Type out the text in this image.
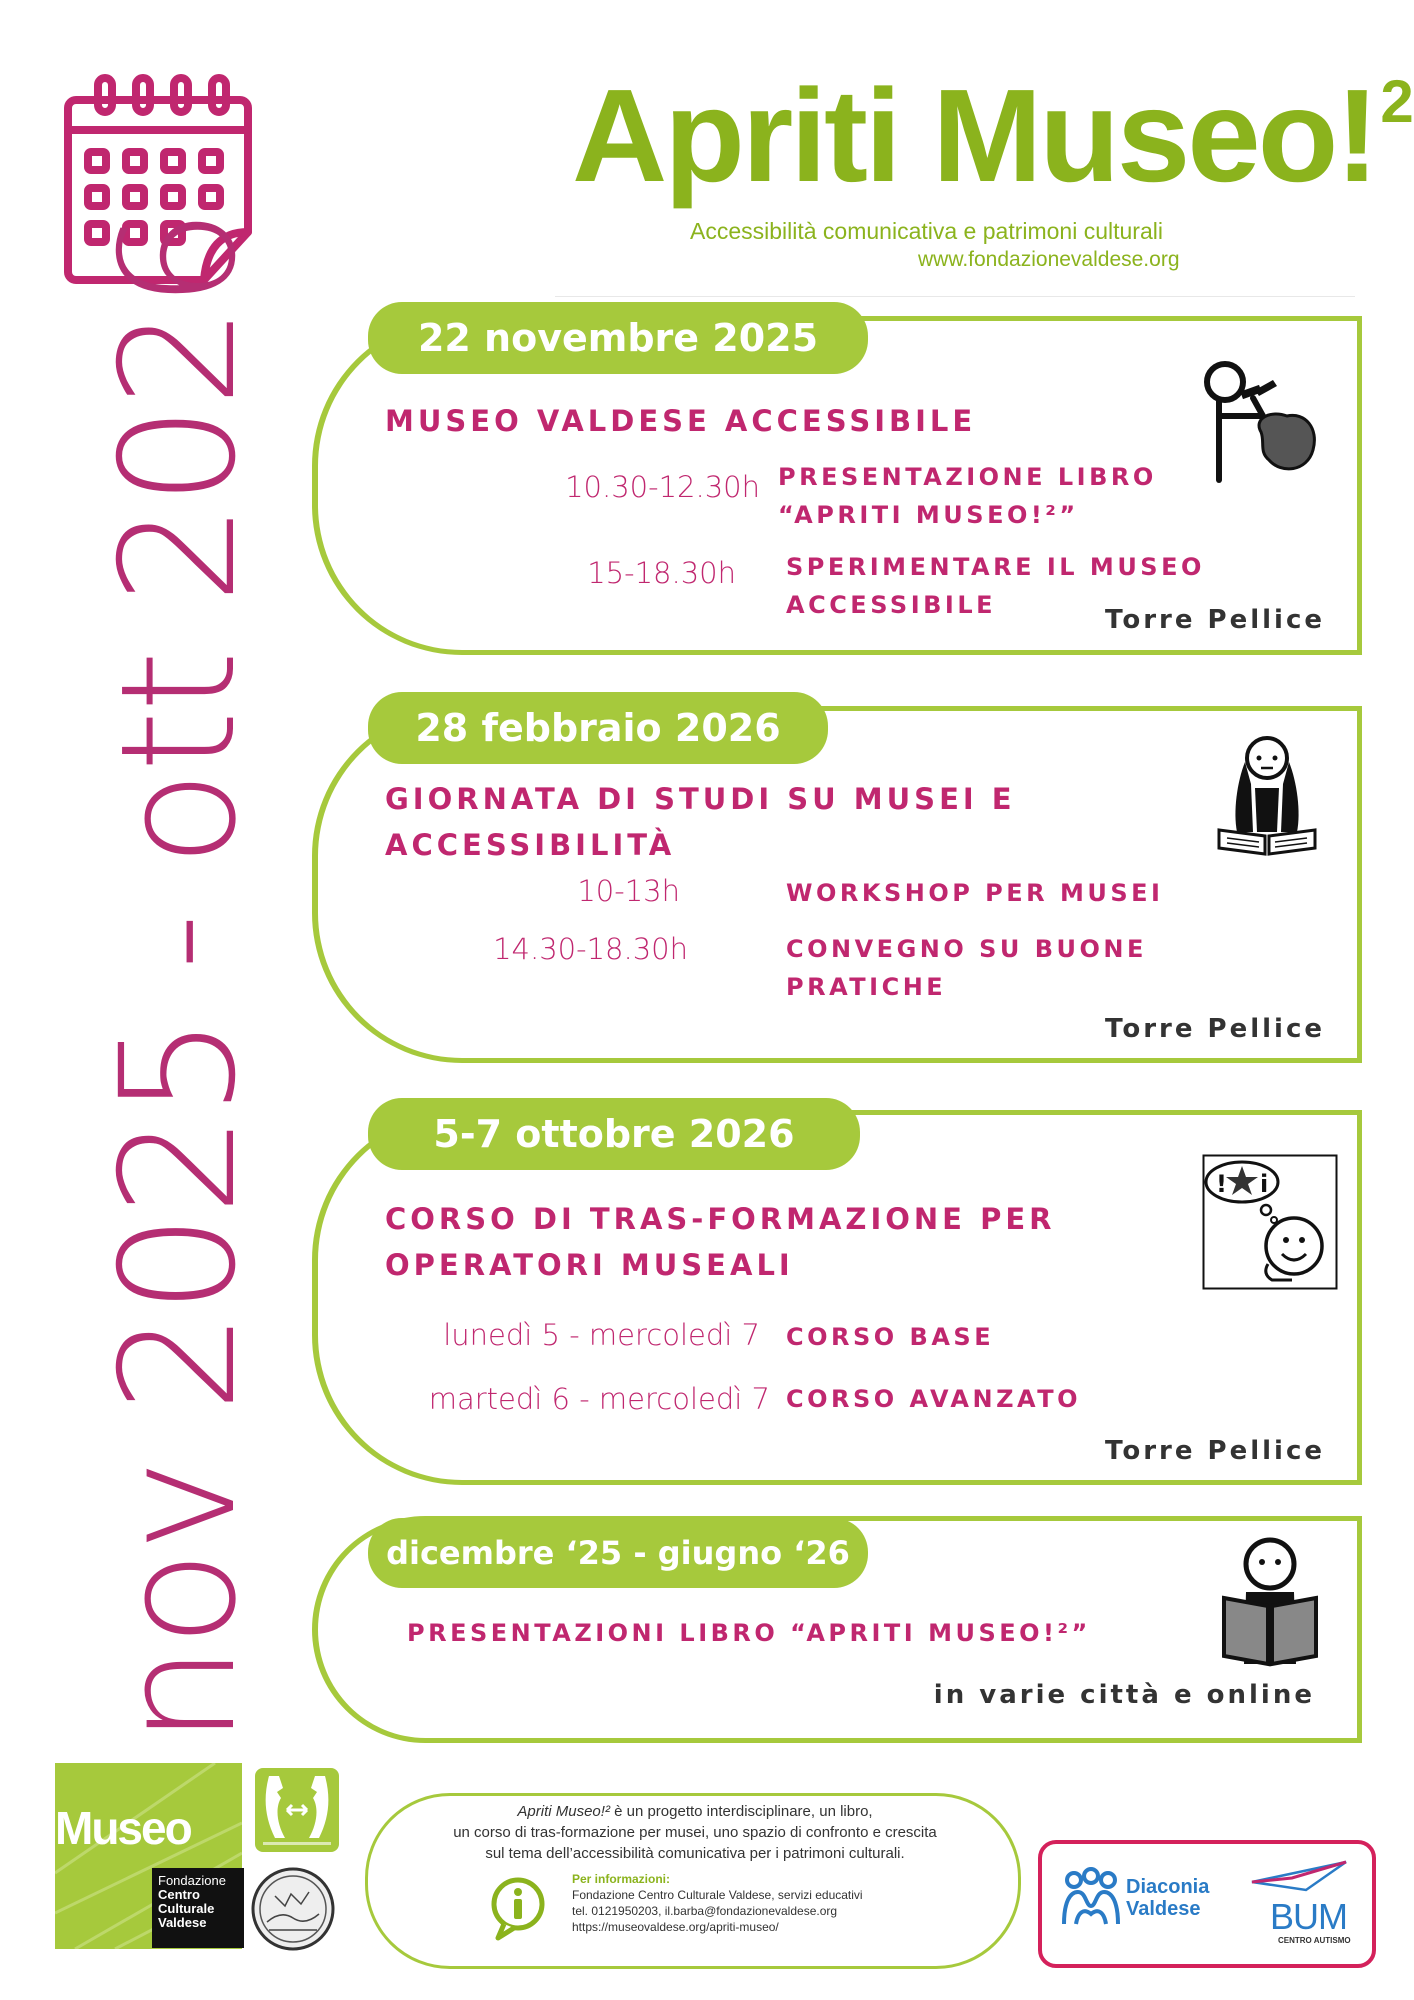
Apriti Museo!$^2$
Accessibilità comunicativa e patrimoni culturali
www.fondazionevaldese.org
nov 2025 - ott 2026	22 novembre 2025
MUSEO VALDESE ACCESSIBILE
10.30-12.30h PRESENTAZIONE LIBRO
“APRITI MUSEO!²”
15-18.30h SPERIMENTARE IL MUSEO
ACCESSIBILE	Torre Pellice
28 febbraio 2026
GIORNATA DI STUDI SU MUSEI E
ACCESSIBILITÀ
10-13h	WORKSHOP PER MUSEI
14.30-18.30h	CONVEGNO SU BUONE
PRATICHE
Torre Pellice
5-7 ottobre 2026
CORSO DI TRAS-FORMAZIONE PER
OPERATORI MUSEALI
lunedì 5 - mercoledì 7 CORSO BASE
martedì 6 - mercoledì 7 CORSO AVANZATO
Torre Pellice
! i
dicembre ‘25 - giugno ‘26
PRESENTAZIONI LIBRO “APRITI MUSEO!²”
in varie città e online
Museo
Fondazione
Centro
Culturale
Valdese
Apriti Museo!² è un progetto interdisciplinare, un libro,
un corso di tras-formazione per musei, uno spazio di confronto e crescita
sul tema dell’accessibilità comunicativa per i patrimoni culturali.
Per informazioni:
Fondazione Centro Culturale Valdese, servizi educativi
tel. 0121950203, il.barba@fondazionevaldese.org
https://museovaldese.org/apriti-museo/
Diaconia
Valdese BUM
CENTRO AUTISMO
